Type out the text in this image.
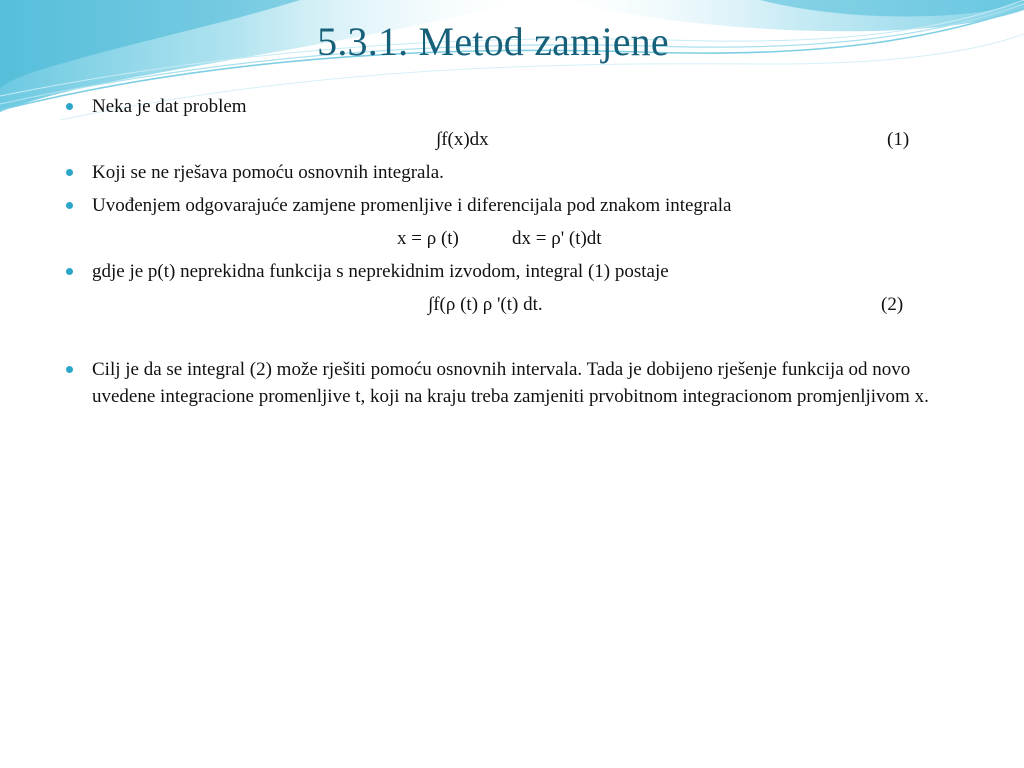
5.3.1. Metod zamjene
Neka je dat problem
∫f(x)dx	(1)
Koji se ne rješava pomoću osnovnih integrala.
Uvođenjem odgovarajuće zamjene promenljive i diferencijala pod znakom integrala
x = ρ (t)	dx = ρ' (t)dt
gdje je p(t) neprekidna funkcija s neprekidnim izvodom, integral (1) postaje
∫f(ρ (t) ρ '(t) dt.	(2)
Cilj je da se integral (2) može rješiti pomoću osnovnih intervala. Tada je dobijeno rješenje funkcija od novo uvedene integracione promenljive t, koji na kraju treba zamjeniti prvobitnom integracionom promjenljivom x.
